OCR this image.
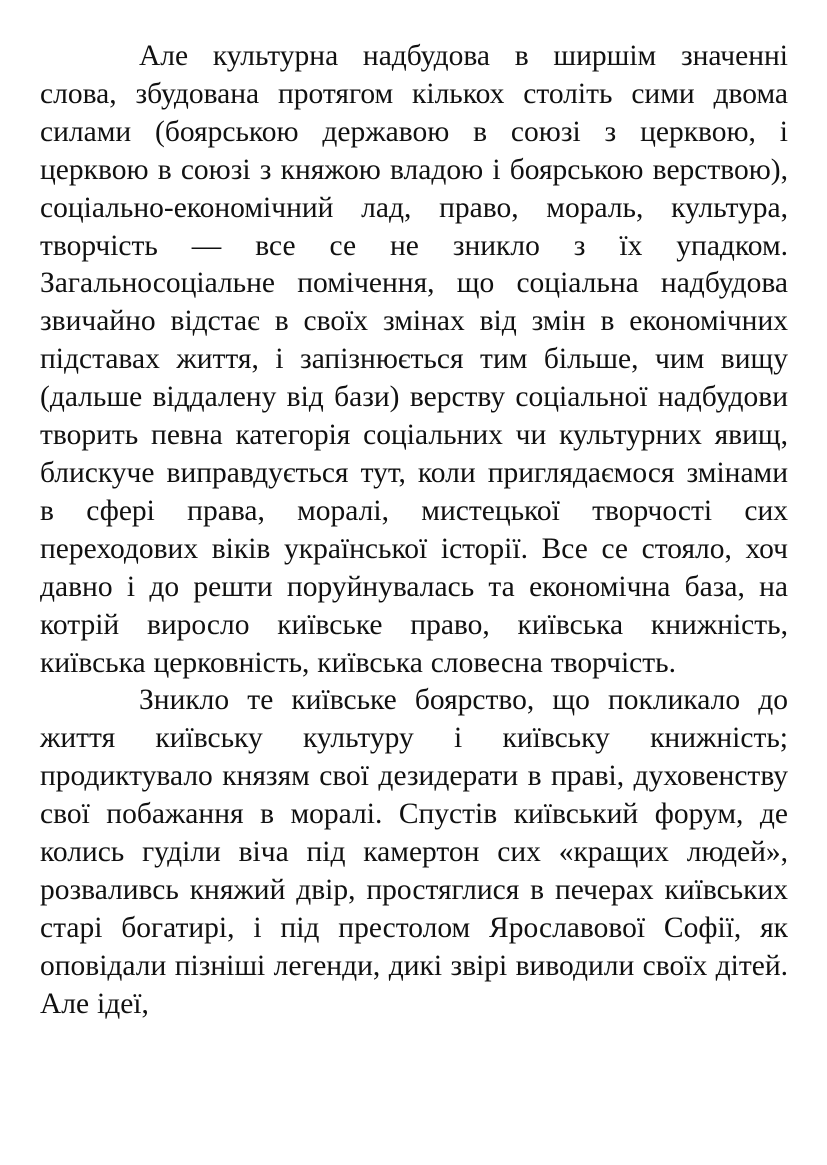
Але культурна надбудова в ширшім значенні слова, збудована протягом кількох століть сими двома силами (боярською державою в союзі з церквою, і церквою в союзі з княжою владою і боярською верствою), соціально-економічний лад, право, мораль, культура, творчість — все се не зникло з їх упадком. Загальносоціальне помічення, що соціальна надбудова звичайно відстає в своїх змінах від змін в економічних підставах життя, і запізнюється тим більше, чим вищу (дальше віддалену від бази) верству соціальної надбудови творить певна категорія соціальних чи культурних явищ, блискуче виправдується тут, коли приглядаємося змінами в сфері права, моралі, мистецької творчості сих переходових віків української історії. Все се стояло, хоч давно і до решти поруйнувалась та економічна база, на котрій виросло київське право, київська книжність, київська церковність, київська словесна творчість.

Зникло те київське боярство, що покликало до життя київську культуру і київську книжність; продиктувало князям свої дезидерати в праві, духовенству свої побажання в моралі. Спустів київський форум, де колись гуділи віча під камертон сих «кращих людей», розваливсь княжий двір, простяглися в печерах київських старі богатирі, і під престолом Ярославової Софії, як оповідали пізніші легенди, дикі звірі виводили своїх дітей. Але ідеї,
